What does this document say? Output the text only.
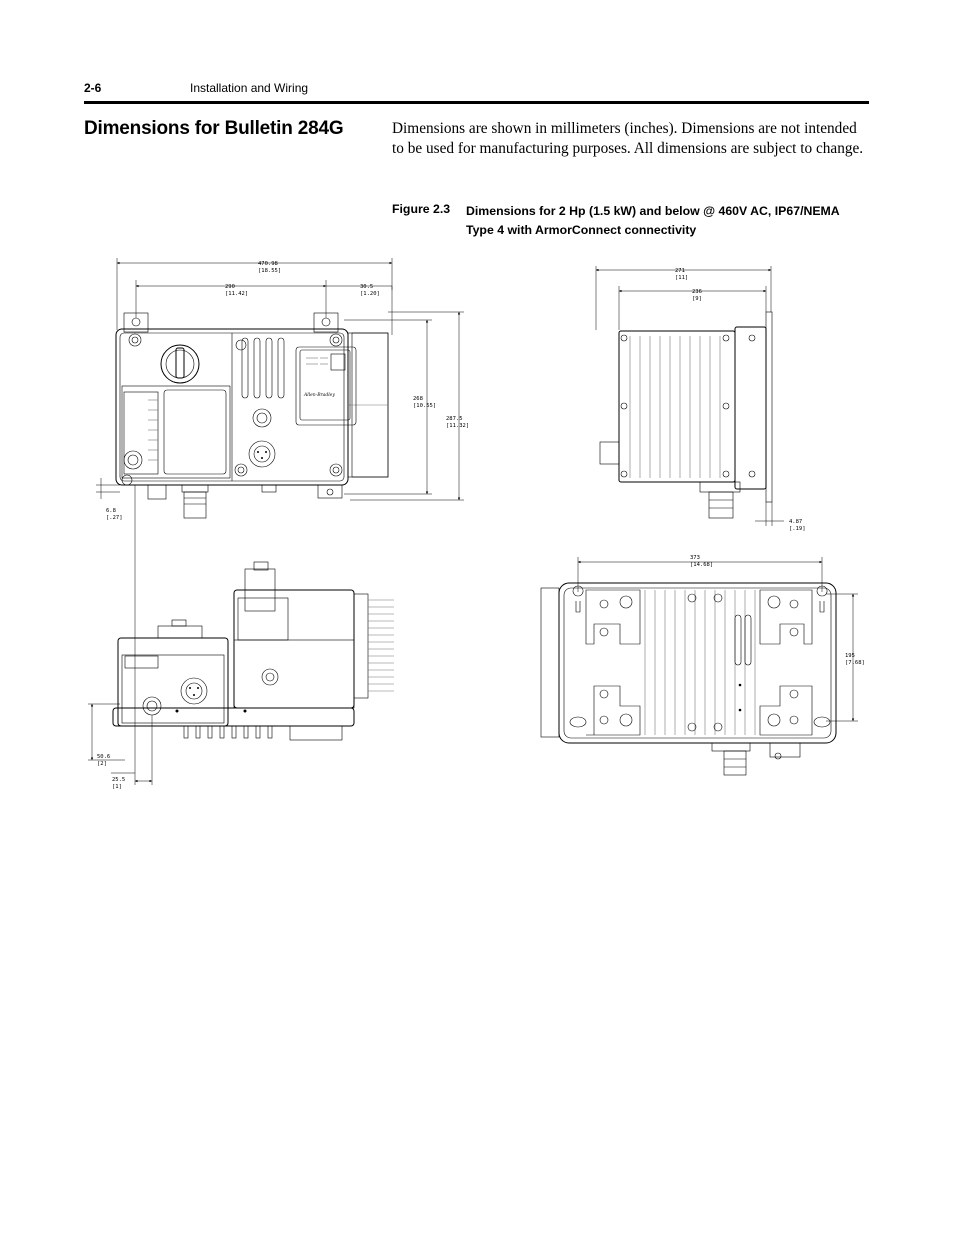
2-6	Installation and Wiring
Dimensions for Bulletin 284G	Dimensions are shown in millimeters (inches). Dimensions are not intended to be used for manufacturing purposes. All dimensions are subject to change.
Figure 2.3 Dimensions for 2 Hp (1.5 kW) and below @ 460V AC, IP67/NEMA Type 4 with ArmorConnect connectivity
Allen-Bradley
470.98
[18.55]
290
[11.42]
30.5
[1.20]
268
[10.55]
287.5
[11.32]
6.8
[.27]
271
[11]
236
[9]
4.87
[.19]
50.6
[2]
25.5
[1]
373
[14.68]
195
[7.68]
